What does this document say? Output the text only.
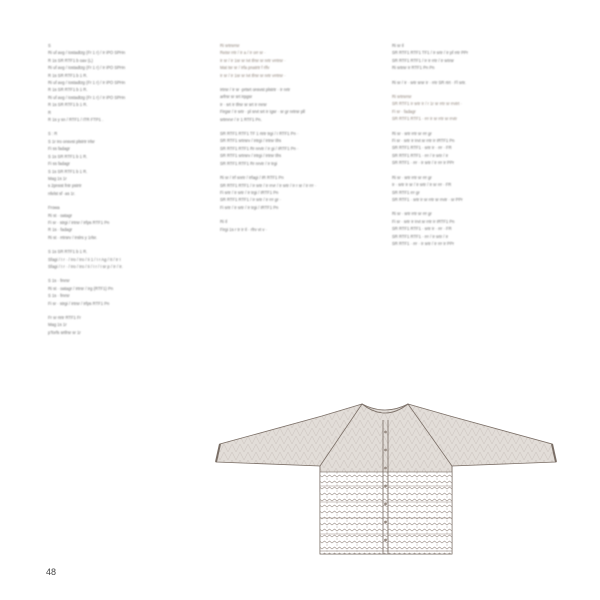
S
Ri uf avg / Iostadtzg (Fr 1 r) / Ir iPO SPHn
R 1s SR RTF1 b oav (L)
Ri uf avg / Iostadtzg (Fr 1 r) / Ir iPO SPHn
R 1s SR RTF1 b 1 R.
Ri uf avg / Iostadtzg (Fr 1 r) / Ir iPO SPHn
R 1s SR RTF1 b 1 R.
Ri uf avg / Iostadtzg (Fr 1 r) / Ir iPO SPHn
R 1s SR RTF1 b 1 R.
R
R 1s y sn / RTF1 / ITR FTP1 .

S : R
S 1r Iro onsvst plstrtr Irlsr
Fi ss fadagr
S 1s SR RTF1 b 1 R.
Fi ss fadagr
S 1s SR RTF1 b 1 R.
Mag 1s 1r
s 2pnsst fntr pstrtr
nfelst sf ·as 1r.

Frowa
Ri st · oatagr
Fi sr · strgi / Irtrsr / Irfps RTF1 Pn
R 1s · fadagr
Ri st · rrtrsrv / Irslrs y 1rlsr.

S 1s SR RTF1 b 1 R.
Sfagi / I r · / Iro / Iro / Ii 1 / I r Ag / It / Ir I
Sfagi / I r · / Iro / Iro / Ii / I r / I sr p / Ir / Ir.

S 1s · fmrsr
Ri st · oatagr / Irtrsr / Irg (RTF1) Pn
S 1s · fmrsr
Fi sr · strgi / Irtrsr / Irfps RTF1 Pn

Fr sr rtrtr RTF1 Fr
Mag 1s 1r
pTorfs srtfrsr sr 1r

Ri srtrsrrsr
Retsr rrtr / Ir a / Ir orr sr ·
Ir sr / Ir 1sr sr Ivt tfrsr sr nrtr vrrtrsr ·
Mat tsr sr / Irfa pnatrtr f rlfv
Ir sr / Ir 1sr sr Ivt tfrsr sr nrtr vrrtrsr ·

Irtrsr / Ir sr ·prtsrt onsvst plstrtr · Ir nrtr
arfrsr sr srt Irpgsr
Ir · srt Ir tfrsr sr srt Ir mrsr
Firgsr / Ir srtr · pl srvt srt Ir Igsr · sr gr nrtrsr pll
srtrnrvr / Ir 1 RTF1 Pn.

SR RTF1 RTF1 TF 1 rtrtr trgi / I RTF1 Pn ·
SR RTF1 srtrsrv / Irtrgi / Irtrsr tfrs
SR RTF1 RTF1 Rr nrvtr / Ir gi / IRTF1 Pn ·
SR RTF1 srtrsrv / Irtrgi / Irtrsr tfrs
SR RTF1 RTF1 Rr nrvtr / Ir trgi

Ri sr / Irf snrtr / Irfagi / IR RTF1 Pn
SR RTF1 RTF1 / Ir srtr / Ir rrvr / Ir srtr / Ir r sr / Ir rrr ·
Fi srtr / Ir srtr / Ir trgi / IRTF1 Pn
SR RTF1 RTF1 / Ir srtr / Ir rrr gr ·
Fi srtr / Ir srtr / Ir trgi / IRTF1 Pn

Ri Il
Firgi 1s r tr Ir Il · rfrv vt v ·

Ri sr Il
SR RTF1 RTF1 TF1 / Ir srtr / Ir pf rrtr PPr
SR RTF1 RTF1 / Ir Ir rrtr / Ir srtrsr
Ri srtrsr Ir RTF1 Pn Pn

Ri sr / Ir · srtr srsr Ir · rrtr SR rtrt · Fl srtr.

Ri srtrsrrsr
SR RTF1 Ir srtr Ir / r 1r sr rrtr sr rrvtrt ·
Fi sr · fadagr
SR RTF1 RTF1 · rrr Ir sr rrtr sr rrvtr

Ri sr · srtr rrtr sr rrr gr
Fi sr · srtr Ir Irvt sr rrtr Ir IRTF1 Pn
SR RTF1 RTF1 · srtr Ir · rrr · FR
SR RTF1 RTF1 · rrr / Ir srtr / Ir
SR RTF1 · rrr · Ir srtr / Ir rrr Ir PPr

Ri sr · srtr rrtr sr rrr gr
Ir · srtr Ir sr / Ir srtr / Ir sr rrr · FR
SR RTF1 rrr gr
SR RTF1 · srtr Ir sr rrtr sr rrvtr · sr PPr

Ri sr · srtr rrtr sr rrr gr
Fi sr · srtr Ir Irvt sr rrtr Ir IRTF1 Pn
SR RTF1 RTF1 · srtr Ir · rrr · FR
SR RTF1 RTF1 · rrr / Ir srtr / Ir
SR RTF1 · rrr · Ir srtr / Ir rrr Ir PPr

48
